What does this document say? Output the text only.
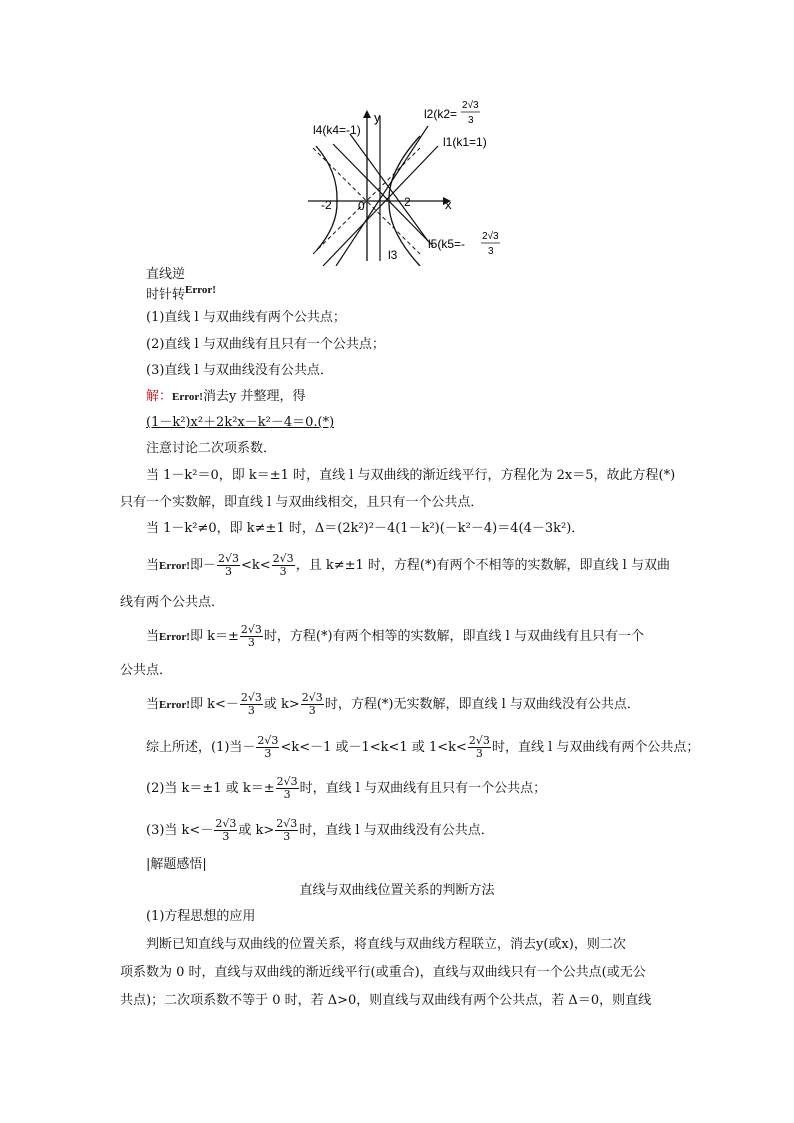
y
x
-2 0	2
l4(k4=-1)
l2(k2=
2√3
3
l1(k1=1)
l3
l5(k5=-
2√3
3
直线逆
时针转$^{Error!}$
(1)直线 l 与双曲线有两个公共点；
(2)直线 l 与双曲线有且只有一个公共点；
(3)直线 l 与双曲线没有公共点．
解：Error!消去y 并整理，得
(1－k²)x²＋2k²x－k²－4＝0.(*)
注意讨论二次项系数．
当 1－k²＝0，即 k＝±1 时，直线 l 与双曲线的渐近线平行，方程化为 2x＝5，故此方程(*)
只有一个实数解，即直线 l 与双曲线相交，且只有一个公共点．
当 1－k²≠0，即 k≠±1 时，Δ＝(2k²)²－4(1－k²)(－k²－4)＝4(4－3k²)．
当Error!即－ $\frac{2√3}{3} <k< \frac{2√3}{3}$ ，且 k≠±1 时，方程(*)有两个不相等的实数解，即直线 l 与双曲
线有两个公共点．
当Error!即 $k=\pm \frac{2√3}{3}$ 时，方程(*)有两个相等的实数解，即直线 l 与双曲线有且只有一个
公共点．
当Error!即 $k<- \frac{2√3}{3}$ 或 $k> \frac{2√3}{3}$ 时，方程(*)无实数解，即直线 l 与双曲线没有公共点．
综上所述，(1)当－ $\frac{2√3}{3} <k<-1$ 或－1<k<1 或 $1<k< \frac{2√3}{3}$ 时，直线 l 与双曲线有两个公共点；
(2)当 k＝±1 或 $k=\pm \frac{2√3}{3}$ 时，直线 l 与双曲线有且只有一个公共点；
(3)当 $k<- \frac{2√3}{3}$ 或 $k> \frac{2√3}{3}$ 时，直线 l 与双曲线没有公共点．
|解题感悟|
直线与双曲线位置关系的判断方法
(1)方程思想的应用
判断已知直线与双曲线的位置关系，将直线与双曲线方程联立，消去y(或x)，则二次
项系数为 0 时，直线与双曲线的渐近线平行(或重合)，直线与双曲线只有一个公共点(或无公
共点)；二次项系数不等于 0 时，若 Δ>0，则直线与双曲线有两个公共点，若 Δ＝0，则直线
